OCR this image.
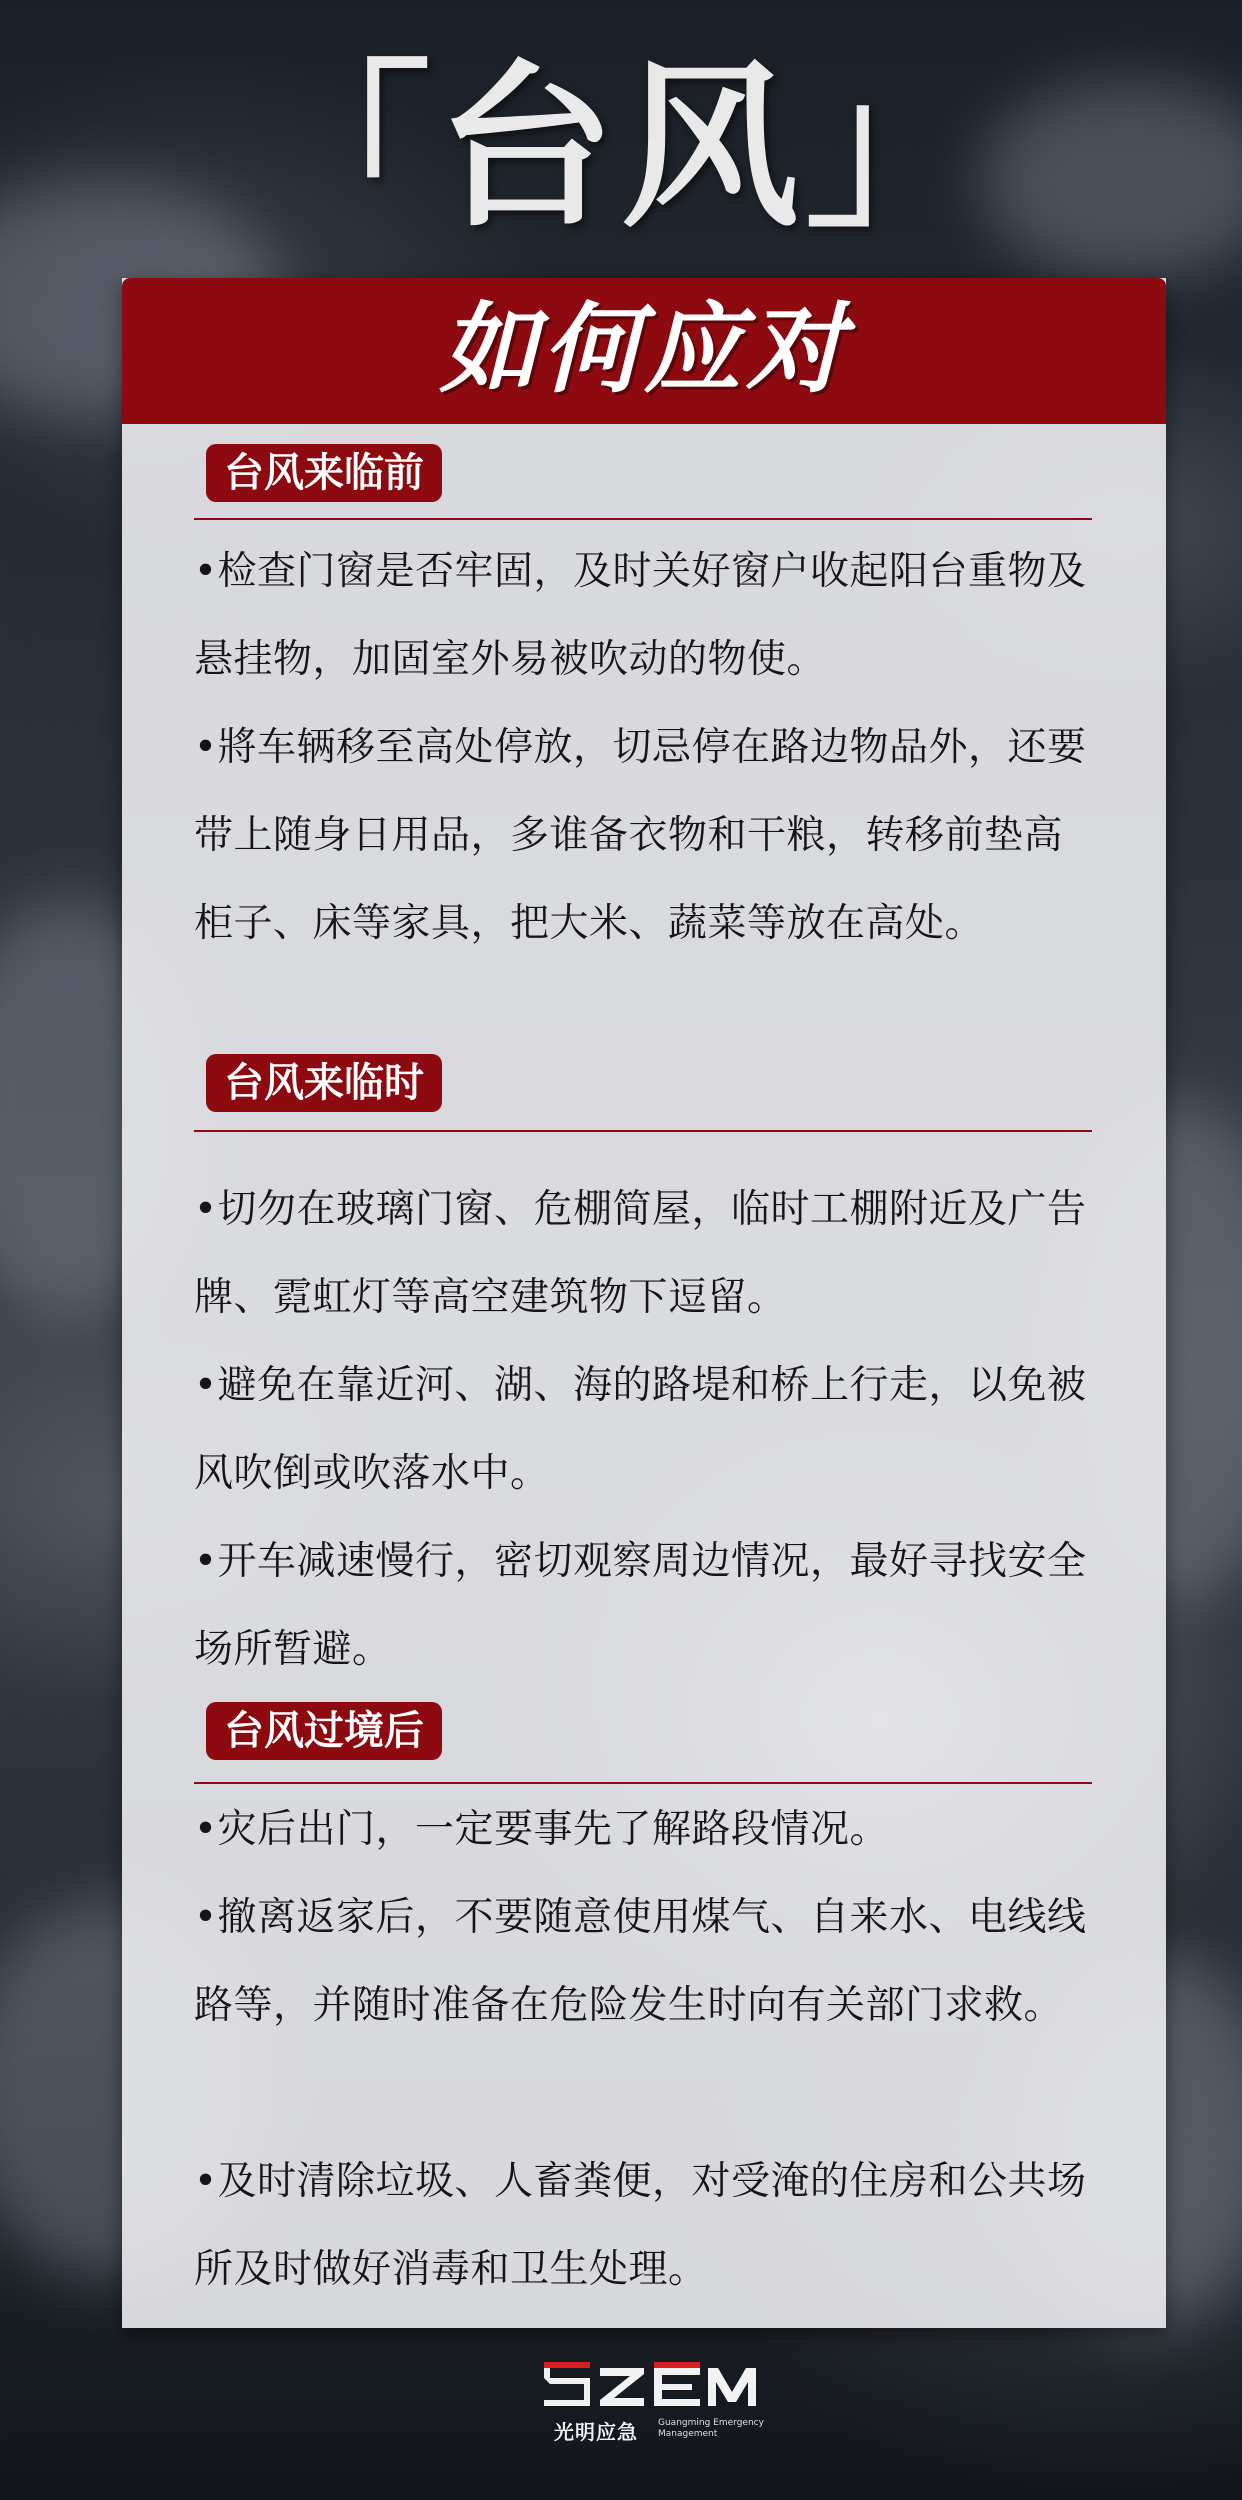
「台风」
如何应对
台风来临前

•检查门窗是否牢固，及时关好窗户收起阳台重物及悬挂物，加固室外易被吹动的物使。

•將车辆移至高处停放，切忌停在路边物品外，还要带上随身日用品，多谁备衣物和干粮，转移前垫高柜子、床等家具，把大米、蔬菜等放在高处。

台风来临时

•切勿在玻璃门窗、危棚简屋，临时工棚附近及广告牌、霓虹灯等高空建筑物下逗留。

•避免在靠近河、湖、海的路堤和桥上行走，以免被风吹倒或吹落水中。

•开车减速慢行，密切观察周边情况，最好寻找安全场所暂避。

台风过境后

•灾后出门，一定要事先了解路段情况。

•撤离返家后，不要随意使用煤气、自来水、电线线路等，并随时准备在危险发生时向有关部门求救。

•及时清除垃圾、人畜粪便，对受淹的住房和公共场所及时做好消毒和卫生处理。

光明应急 Guangming Emergency Management
